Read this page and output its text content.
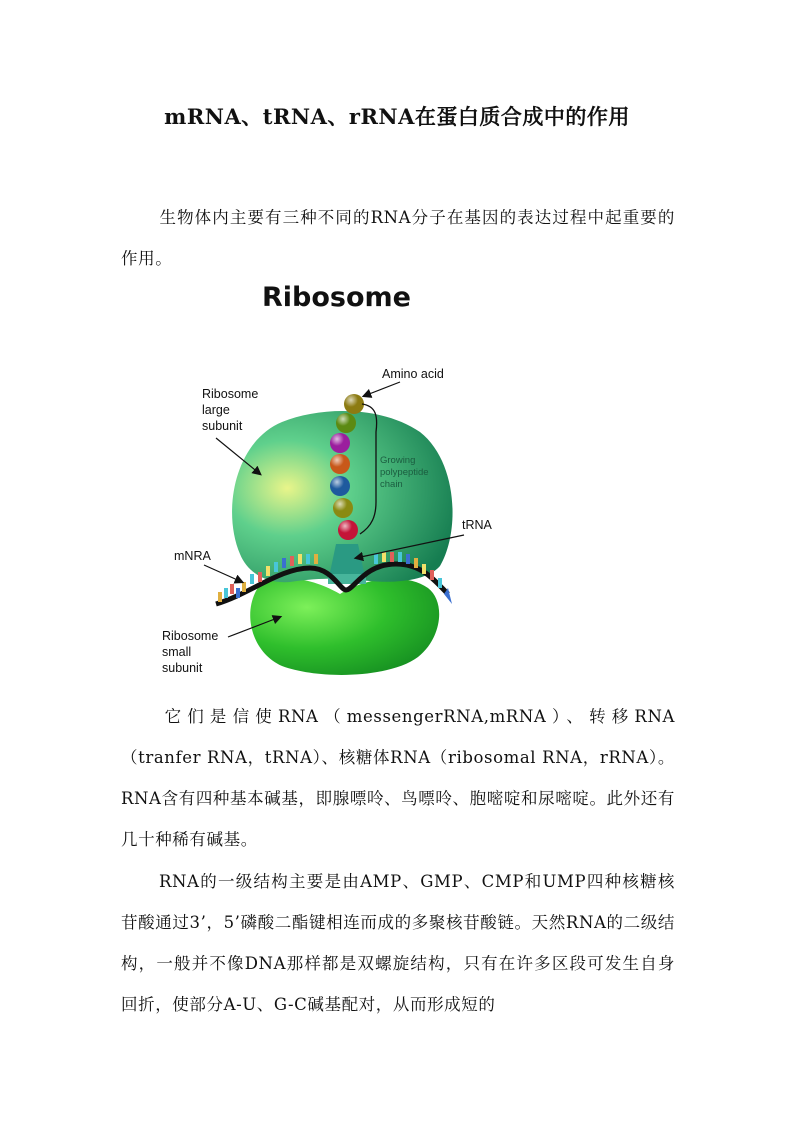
mRNA、tRNA、rRNA在蛋白质合成中的作用

生物体内主要有三种不同的RNA分子在基因的表达过程中起重要的作用。

Ribosome
Amino acid
Ribosome
large
subunit
Growing
polypeptide
chain
tRNA
mNRA
Ribosome
small
subunit

它们是信使RNA（messengerRNA,mRNA）、转移RNA（tranfer RNA，tRNA）、核糖体RNA（ribosomal RNA，rRNA）。RNA含有四种基本碱基，即腺嘌呤、鸟嘌呤、胞嘧啶和尿嘧啶。此外还有几十种稀有碱基。

RNA的一级结构主要是由AMP、GMP、CMP和UMP四种核糖核苷酸通过3’，5’磷酸二酯键相连而成的多聚核苷酸链。天然RNA的二级结构，一般并不像DNA那样都是双螺旋结构，只有在许多区段可发生自身回折，使部分A-U、G-C碱基配对，从而形成短的
